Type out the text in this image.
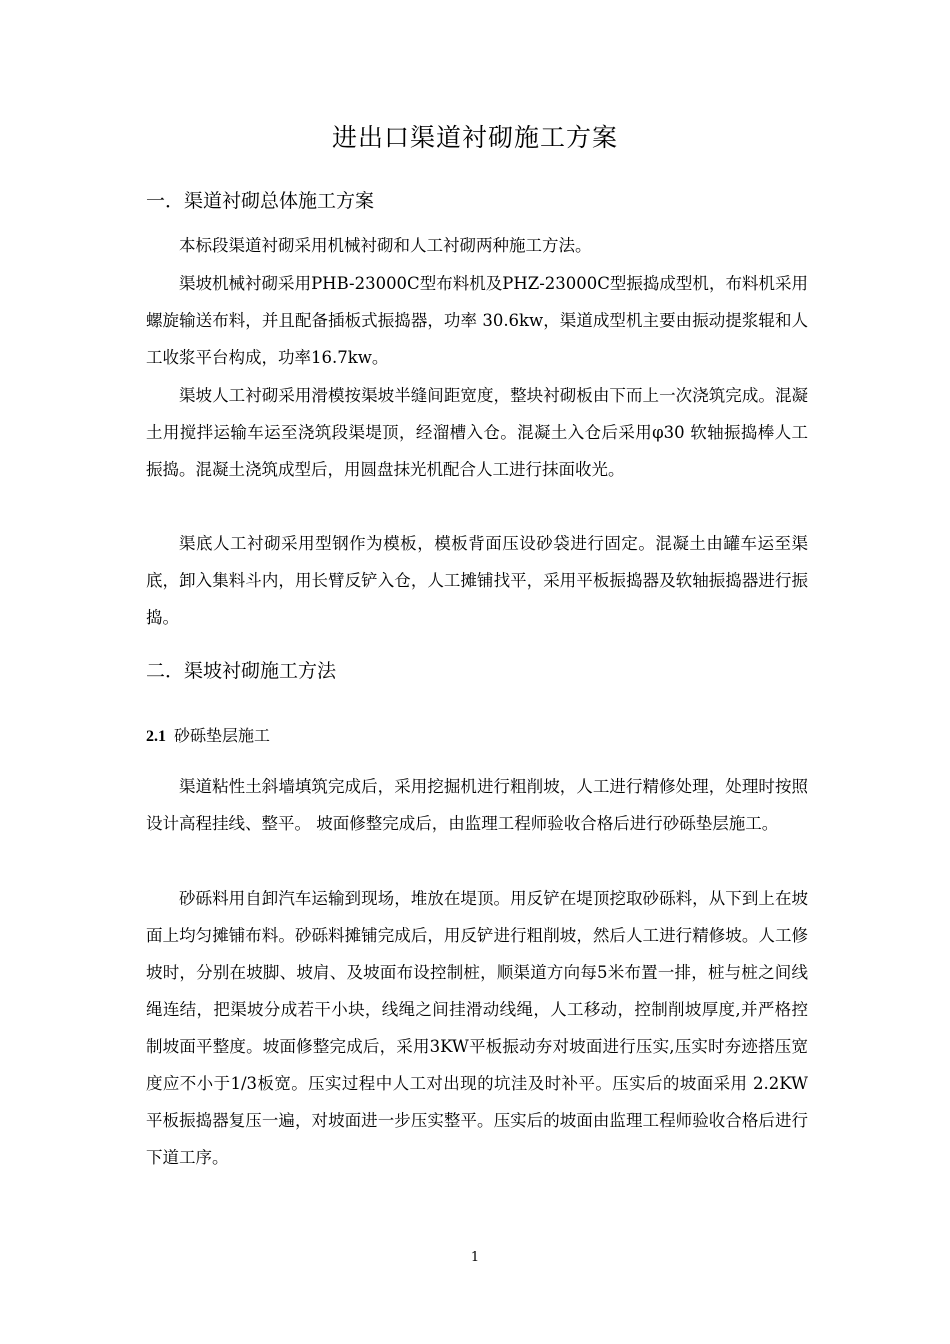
进出口渠道衬砌施工方案
一．渠道衬砌总体施工方案
本标段渠道衬砌采用机械衬砌和人工衬砌两种施工方法。
渠坡机械衬砌采用PHB-23000C型布料机及PHZ-23000C型振捣成型机，布料机采用螺旋输送布料，并且配备插板式振捣器，功率 30.6kw，渠道成型机主要由振动提浆辊和人工收浆平台构成，功率16.7kw。
渠坡人工衬砌采用滑模按渠坡半缝间距宽度，整块衬砌板由下而上一次浇筑完成。混凝土用搅拌运输车运至浇筑段渠堤顶，经溜槽入仓。混凝土入仓后采用φ30 软轴振捣棒人工振捣。混凝土浇筑成型后，用圆盘抹光机配合人工进行抹面收光。
渠底人工衬砌采用型钢作为模板，模板背面压设砂袋进行固定。混凝土由罐车运至渠底，卸入集料斗内，用长臂反铲入仓，人工摊铺找平，采用平板振捣器及软轴振捣器进行振捣。
二．渠坡衬砌施工方法
2.1 砂砾垫层施工
渠道粘性土斜墙填筑完成后，采用挖掘机进行粗削坡，人工进行精修处理，处理时按照设计高程挂线、整平。 坡面修整完成后，由监理工程师验收合格后进行砂砾垫层施工。
砂砾料用自卸汽车运输到现场，堆放在堤顶。用反铲在堤顶挖取砂砾料，从下到上在坡面上均匀摊铺布料。砂砾料摊铺完成后，用反铲进行粗削坡，然后人工进行精修坡。人工修坡时，分别在坡脚、坡肩、及坡面布设控制桩，顺渠道方向每5米布置一排，桩与桩之间线绳连结，把渠坡分成若干小块，线绳之间挂滑动线绳，人工移动，控制削坡厚度,并严格控制坡面平整度。坡面修整完成后，采用3KW平板振动夯对坡面进行压实,压实时夯迹搭压宽度应不小于1/3板宽。压实过程中人工对出现的坑洼及时补平。压实后的坡面采用 2.2KW 平板振捣器复压一遍，对坡面进一步压实整平。压实后的坡面由监理工程师验收合格后进行下道工序。
1
